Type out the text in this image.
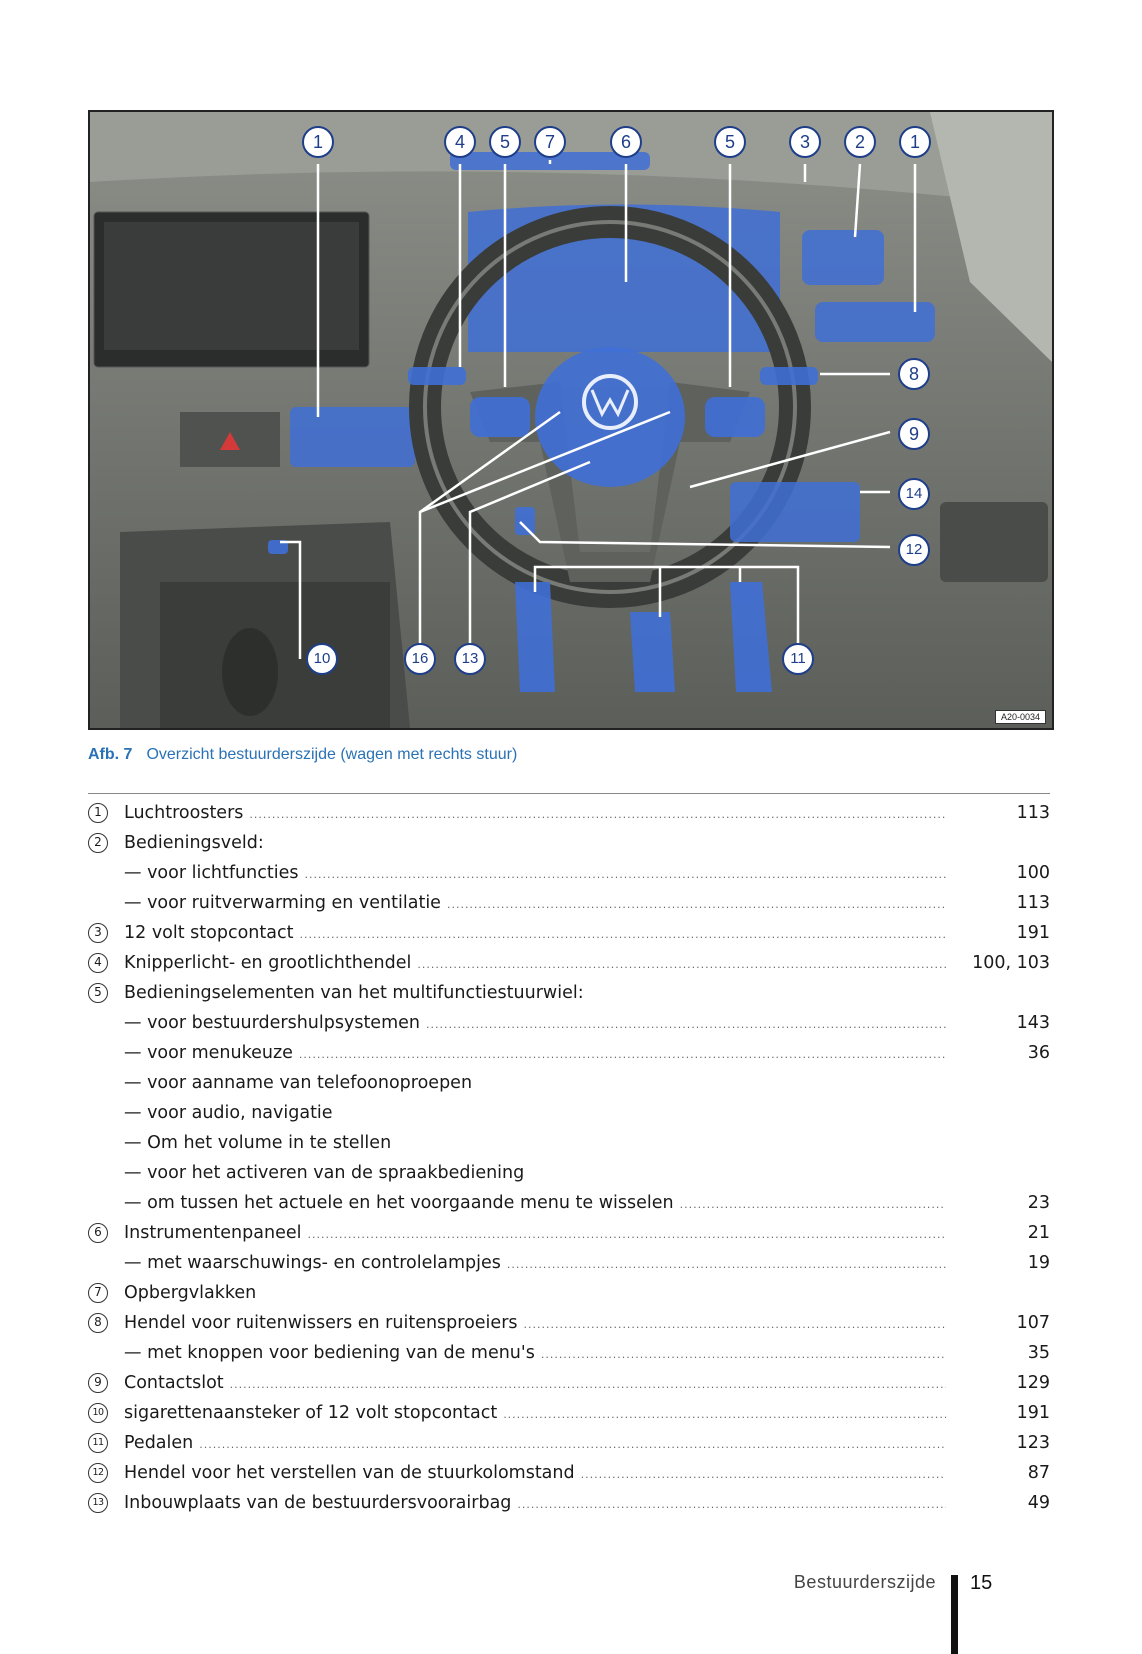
1	4	5	7	6	5	3	2	1
8
9
14
12
10	16	13	11
A20-0034
Afb. 7 Overzicht bestuurderszijde (wagen met rechts stuur)
1	Luchtroosters .....	113
2	Bedieningsveld:
— voor lichtfuncties .....	100
— voor ruitverwarming en ventilatie .....	113
3	12 volt stopcontact .....	191
4	Knipperlicht- en grootlichthendel .....	100, 103
5	Bedieningselementen van het multifunctiestuurwiel:
— voor bestuurdershulpsystemen .....	143
— voor menukeuze .....	36
— voor aanname van telefoonoproepen
— voor audio, navigatie
— Om het volume in te stellen
— voor het activeren van de spraakbediening
— om tussen het actuele en het voorgaande menu te wisselen .....	23
6	Instrumentenpaneel .....	21
— met waarschuwings- en controlelampjes .....	19
7	Opbergvlakken
8	Hendel voor ruitenwissers en ruitensproeiers .....	107
— met knoppen voor bediening van de menu's .....	35
9	Contactslot .....	129
10 sigarettenaansteker of 12 volt stopcontact .....	191
11 Pedalen .....	123
12 Hendel voor het verstellen van de stuurkolomstand .....	87
13 Inbouwplaats van de bestuurdersvoorairbag .....	49
Bestuurderszijde 15
